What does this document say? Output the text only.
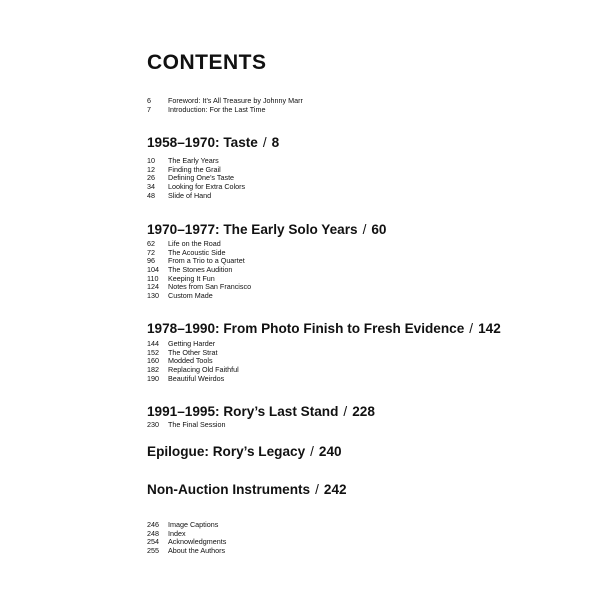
CONTENTS
6	Foreword: It’s All Treasure by Johnny Marr
7	Introduction: For the Last Time
1958–1970: Taste / 8
10	The Early Years
12	Finding the Grail
26	Defining One’s Taste
34	Looking for Extra Colors
48	Slide of Hand
1970–1977: The Early Solo Years / 60
62	Life on the Road
72	The Acoustic Side
96	From a Trio to a Quartet
104	The Stones Audition
110	Keeping It Fun
124	Notes from San Francisco
130	Custom Made
1978–1990: From Photo Finish to Fresh Evidence / 142
144	Getting Harder
152	The Other Strat
160	Modded Tools
182	Replacing Old Faithful
190	Beautiful Weirdos
1991–1995: Rory’s Last Stand / 228
230	The Final Session
Epilogue: Rory’s Legacy / 240
Non-Auction Instruments / 242
246	Image Captions
248	Index
254	Acknowledgments
255	About the Authors
